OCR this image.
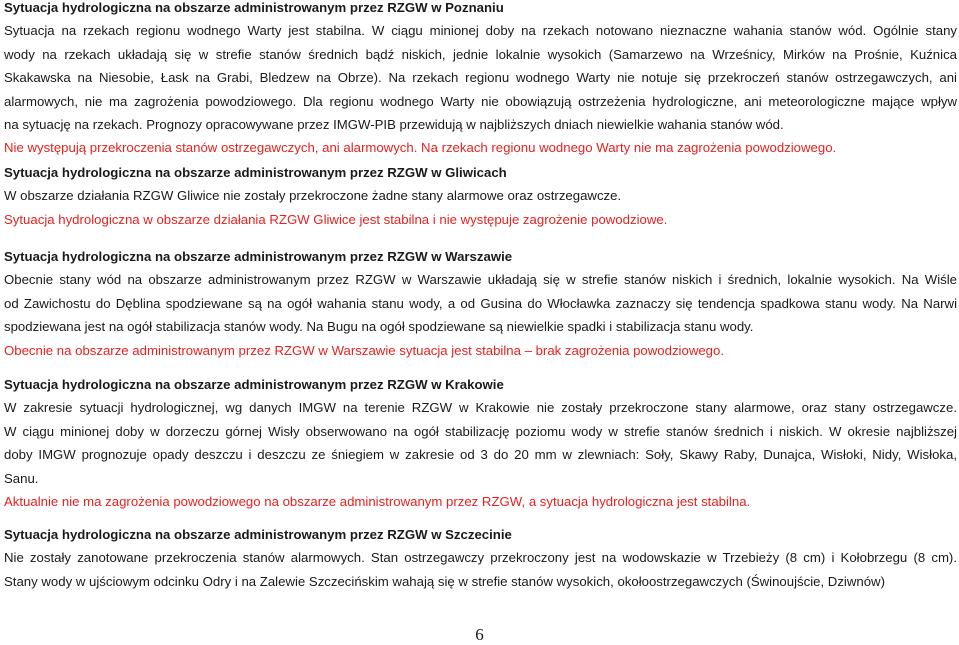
Sytuacja hydrologiczna na obszarze administrowanym przez RZGW w Poznaniu
Sytuacja na rzekach regionu wodnego Warty jest stabilna. W ciągu minionej doby na rzekach notowano nieznaczne wahania stanów wód. Ogólnie stany
wody na rzekach układają się w strefie stanów średnich bądź niskich, jednie lokalnie wysokich (Samarzewo na Wrześnicy, Mirków na Prośnie, Kuźnica
Skakawska na Niesobie, Łask na Grabi, Bledzew na Obrze). Na rzekach regionu wodnego Warty nie notuje się przekroczeń stanów ostrzegawczych, ani
alarmowych, nie ma zagrożenia powodziowego. Dla regionu wodnego Warty nie obowiązują ostrzeżenia hydrologiczne, ani meteorologiczne mające wpływ
na sytuację na rzekach. Prognozy opracowywane przez IMGW-PIB przewidują w najbliższych dniach niewielkie wahania stanów wód.
Nie występują przekroczenia stanów ostrzegawczych, ani alarmowych. Na rzekach regionu wodnego Warty nie ma zagrożenia powodziowego.
Sytuacja hydrologiczna na obszarze administrowanym przez RZGW w Gliwicach
W obszarze działania RZGW Gliwice nie zostały przekroczone żadne stany alarmowe oraz ostrzegawcze.
Sytuacja hydrologiczna w obszarze działania RZGW Gliwice jest stabilna i nie występuje zagrożenie powodziowe.
Sytuacja hydrologiczna na obszarze administrowanym przez RZGW w Warszawie
Obecnie stany wód na obszarze administrowanym przez RZGW w Warszawie układają się w strefie stanów niskich i średnich, lokalnie wysokich. Na Wiśle
od Zawichostu do Dęblina spodziewane są na ogół wahania stanu wody, a od Gusina do Włocławka zaznaczy się tendencja spadkowa stanu wody. Na Narwi
spodziewana jest na ogół stabilizacja stanów wody. Na Bugu na ogół spodziewane są niewielkie spadki i stabilizacja stanu wody.
Obecnie na obszarze administrowanym przez RZGW w Warszawie sytuacja jest stabilna – brak zagrożenia powodziowego.
Sytuacja hydrologiczna na obszarze administrowanym przez RZGW w Krakowie
W zakresie sytuacji hydrologicznej, wg danych IMGW na terenie RZGW w Krakowie nie zostały przekroczone stany alarmowe, oraz stany ostrzegawcze.
W ciągu minionej doby w dorzeczu górnej Wisły obserwowano na ogół stabilizację poziomu wody w strefie stanów średnich i niskich. W okresie najbliższej
doby IMGW prognozuje opady deszczu i deszczu ze śniegiem w zakresie od 3 do 20 mm w zlewniach: Soły, Skawy Raby, Dunajca, Wisłoki, Nidy, Wisłoka,
Sanu.
Aktualnie nie ma zagrożenia powodziowego na obszarze administrowanym przez RZGW, a sytuacja hydrologiczna jest stabilna.
Sytuacja hydrologiczna na obszarze administrowanym przez RZGW w Szczecinie
Nie zostały zanotowane przekroczenia stanów alarmowych. Stan ostrzegawczy przekroczony jest na wodowskazie w Trzebieży (8 cm) i Kołobrzegu (8 cm).
Stany wody w ujściowym odcinku Odry i na Zalewie Szczecińskim wahają się w strefie stanów wysokich, okołoostrzegawczych (Świnoujście, Dziwnów)
6
